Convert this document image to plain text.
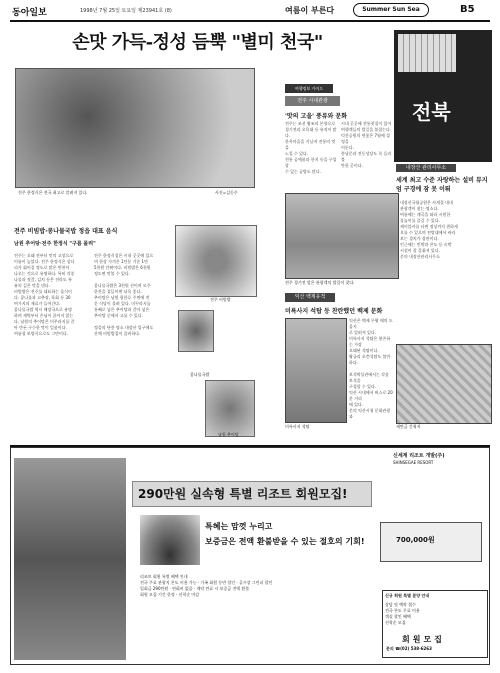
동아일보	1998년 7월 25일 토요일 제23941호 (8)	여름이 부른다	Summer Sun Sea	B5
손맛 가득-정성 듬뿍 "별미 천국"
전북
전주 한정식은 전국 최고로 알려져 있다.	사진=김동주
여행정보 가이드
전주 시내관광
'맛의 고을' 풍류와 문화
전주는 조선 왕조의 본향으로
경기전과 오목대 등 유적이 많다.
한옥마을을 거닐며 전통의 멋을
느낄 수 있다.
전통 공예품과 한지 등을 구입할
수 있는 공방도 많다.
시내 곳곳에 전통찻집이 있어
여행객들의 발길을 붙잡는다.
덕진공원의 연꽃은 7월에 절정을
이룬다.
풍남문과 전동성당도 꼭 들러볼
만한 곳이다.
전주 경기전 앞은 관광객의 발길이 잦다.
내장산 관리사무소
세계 최고 수준 자랑하는 설비 뮤지엄 구경에 잠 못 이뤄
내장산국립공원은 사계절 내내
관광객이 찾는 명소다.
여름에는 계곡을 따라 시원한
물놀이를 즐길 수 있다.
케이블카를 타면 정상까지 편하게
오를 수 있으며 전망대에서 바라
보는 경치가 장관이다.
인근에는 민박과 콘도 등 숙박
시설이 잘 갖춰져 있다.
문의 내장산관리사무소
전주 비빔밥·콩나물국밥 정읍 대표 음식
남원 추어탕·전주 한정식 "구름 몰려"
전주는 오래 전부터 맛의 고장으로
이름이 높았다. 전주 한정식은 상다
리가 휘어질 정도로 많은 반찬이
나오는 것으로 유명하다. 특히 각종
나물과 젓갈, 김치 등은 전라도 특
유의 깊은 맛을 낸다.
비빔밥은 전주를 대표하는 음식이
다. 콩나물과 고추장, 육회 등 30
여가지의 재료가 들어간다.
콩나물국밥 역시 해장국으로 유명
하며 새벽부터 손님이 끊이지 않는
다. 남원의 추어탕은 미꾸라지를 갈
아 만든 구수한 맛이 일품이다.
여름철 보양식으로도 그만이다.
전주 한정식집은 시내 곳곳에 있으
며 한상 가격은 1인분 기준 1만
5천원 안팎이다. 비빔밥은 6천원
정도면 맛볼 수 있다.

콩나물국밥은 3천원 선이며 모주
한잔을 곁들이면 더욱 좋다.
추어탕은 남원 광한루 주변에 전
문 식당이 몰려 있다. 미꾸라지를
통째로 넣은 추어탕과 갈아 넣은
추어탕 중에서 고를 수 있다.

정읍의 단풍 명소 내장산 입구에도
산채 비빔밥집이 즐비하다.
전주 비빔밥
콩나물국밥
남원 추어탕
익산 백제유적
미륵사지 석탑 등 찬란했던 백제 문화
미륵사지 석탑
익산은 백제 무왕 때의 도읍지
로 알려져 있다.
미륵사지 석탑은 현존하는 가장
오래된 석탑이다.
왕궁리 오층석탑도 볼만하다.
보석박물관에서는 각종 보석을
구경할 수 있다.
익산 시내에서 버스로 20분 거리
에 있다.
문의 익산시청 문화관광과
새만금 간척지
신세계 리조트 개발(주)
SHINSEGAE RESORT
290만원 실속형 특별 리조트 회원모집!
특혜는 맘껏 누리고
보증금은 전액 환불받을 수 있는 절호의 기회!	700,000원
리조트 회원 특별 혜택 안내
전국 주요 관광지 콘도 이용 가능 · 가족 회원 동반 할인 · 골프장 그린피 할인
입회금 290만원 · 연회비 없음 · 계약 만료 시 보증금 전액 환불
회원 모집 기간 한정 · 선착순 마감	신규 회원 특별 분양 안내
상담 및 예약 접수
전국 콘도 무료 이용
객실 할인 혜택
선착순 모집
회원모집
문의 ☎(02) 538-6263
